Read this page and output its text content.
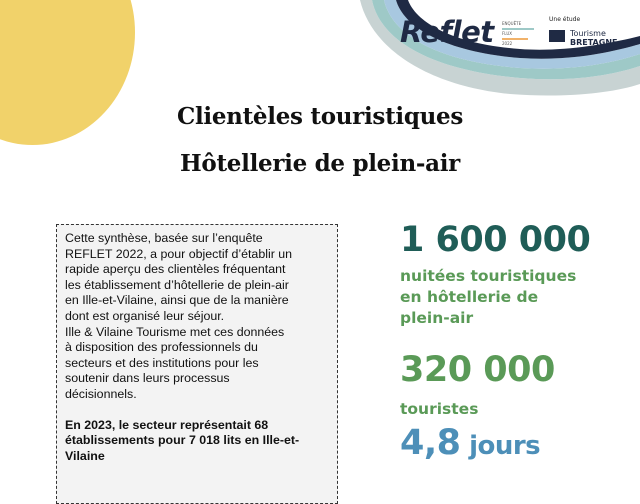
Reflet ENQUÊTE
FLUX
2022
Une étude
Tourisme
BRETAGNE
Clientèles touristiques
Hôtellerie de plein-air

Cette synthèse, basée sur l’enquête

REFLET 2022, a pour objectif d’établir un

rapide aperçu des clientèles fréquentant

les établissement d’hôtellerie de plein-air

en Ille-et-Vilaine, ainsi que de la manière

dont est organisé leur séjour.

Ille & Vilaine Tourisme met ces données

à disposition des professionnels du

secteurs et des institutions pour les

soutenir dans leurs processus

décisionnels.

En 2023, le secteur représentait 68

établissements pour 7 018 lits en Ille-et-

Vilaine

1 600 000
nuitées touristiques
en hôtellerie de
plein-air
320 000
touristes
4,8 jours
